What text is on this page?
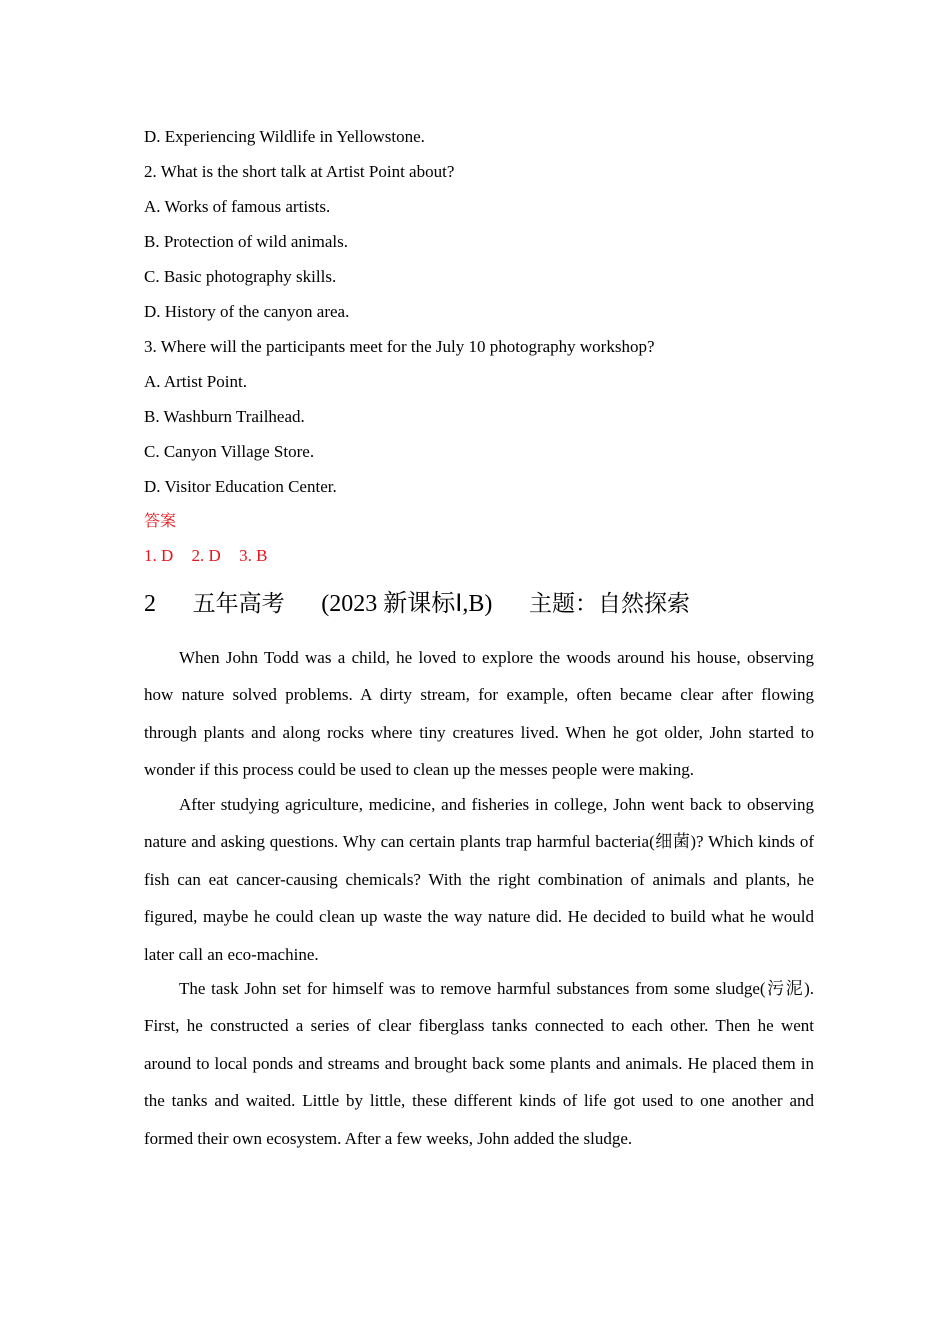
D. Experiencing Wildlife in Yellowstone.
2. What is the short talk at Artist Point about?
A. Works of famous artists.
B. Protection of wild animals.
C. Basic photography skills.
D. History of the canyon area.
3. Where will the participants meet for the July 10 photography workshop?
A. Artist Point.
B. Washburn Trailhead.
C. Canyon Village Store.
D. Visitor Education Center.
答案
1. D 2. D 3. B
2 五年高考 (2023 新课标Ⅰ,B) 主题：自然探索

When John Todd was a child, he loved to explore the woods around his house, observing how nature solved problems. A dirty stream, for example, often became clear after flowing through plants and along rocks where tiny creatures lived. When he got older, John started to wonder if this process could be used to clean up the messes people were making.

After studying agriculture, medicine, and fisheries in college, John went back to observing nature and asking questions. Why can certain plants trap harmful bacteria(细菌)? Which kinds of fish can eat cancer-causing chemicals? With the right combination of animals and plants, he figured, maybe he could clean up waste the way nature did. He decided to build what he would later call an eco-machine.

The task John set for himself was to remove harmful substances from some sludge(污泥). First, he constructed a series of clear fiberglass tanks connected to each other. Then he went around to local ponds and streams and brought back some plants and animals. He placed them in the tanks and waited. Little by little, these different kinds of life got used to one another and formed their own ecosystem. After a few weeks, John added the sludge.
